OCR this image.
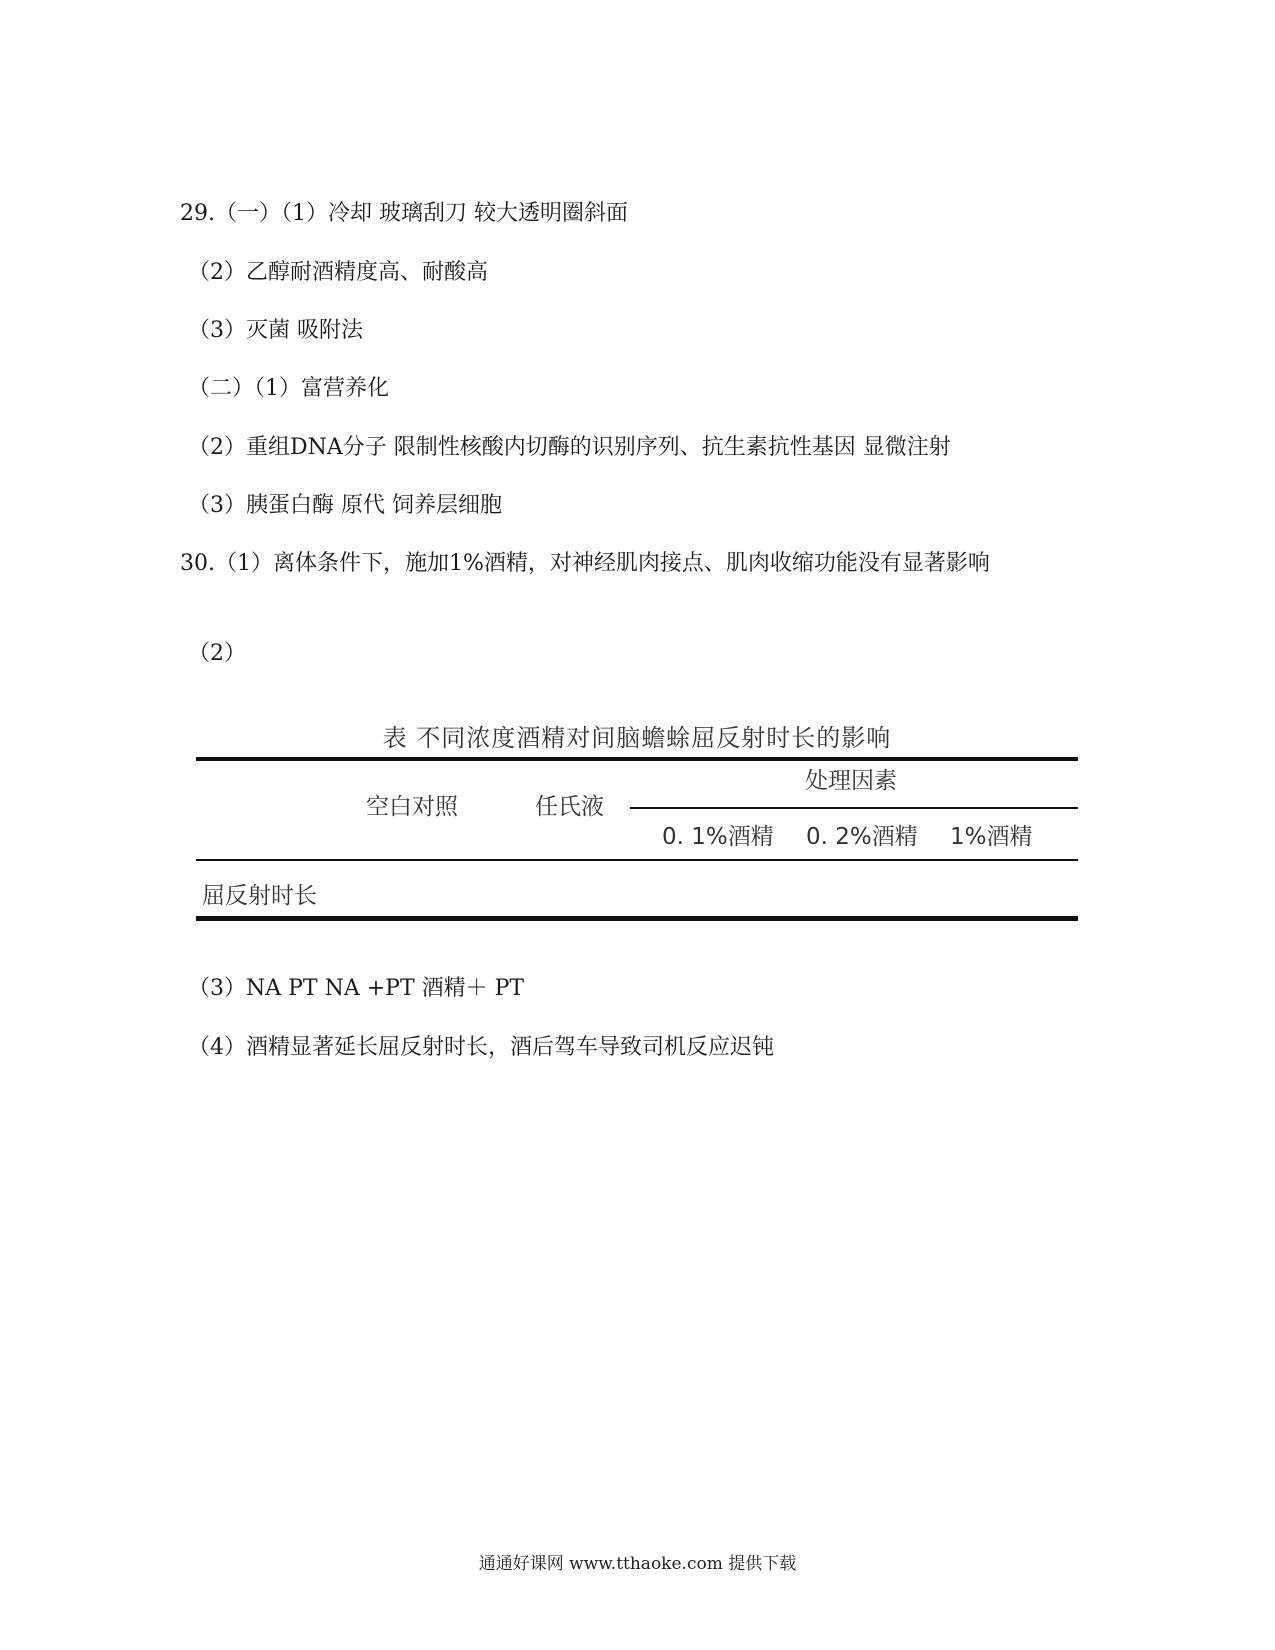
29.（一）（1）冷却 玻璃刮刀 较大透明圈斜面
（2）乙醇耐酒精度高、耐酸高
（3）灭菌 吸附法
（二）（1）富营养化
（2）重组DNA分子 限制性核酸内切酶的识别序列、抗生素抗性基因 显微注射
（3）胰蛋白酶 原代 饲养层细胞
30.（1）离体条件下，施加1%酒精，对神经肌肉接点、肌肉收缩功能没有显著影响
（2）
表 不同浓度酒精对间脑蟾蜍屈反射时长的影响
空白对照	任氏液
处理因素
0. 1%酒精 0. 2%酒精 1%酒精
屈反射时长
（3）NA PT NA +PT 酒精＋ PT
（4）酒精显著延长屈反射时长，酒后驾车导致司机反应迟钝
通通好课网 www.tthaoke.com 提供下载
